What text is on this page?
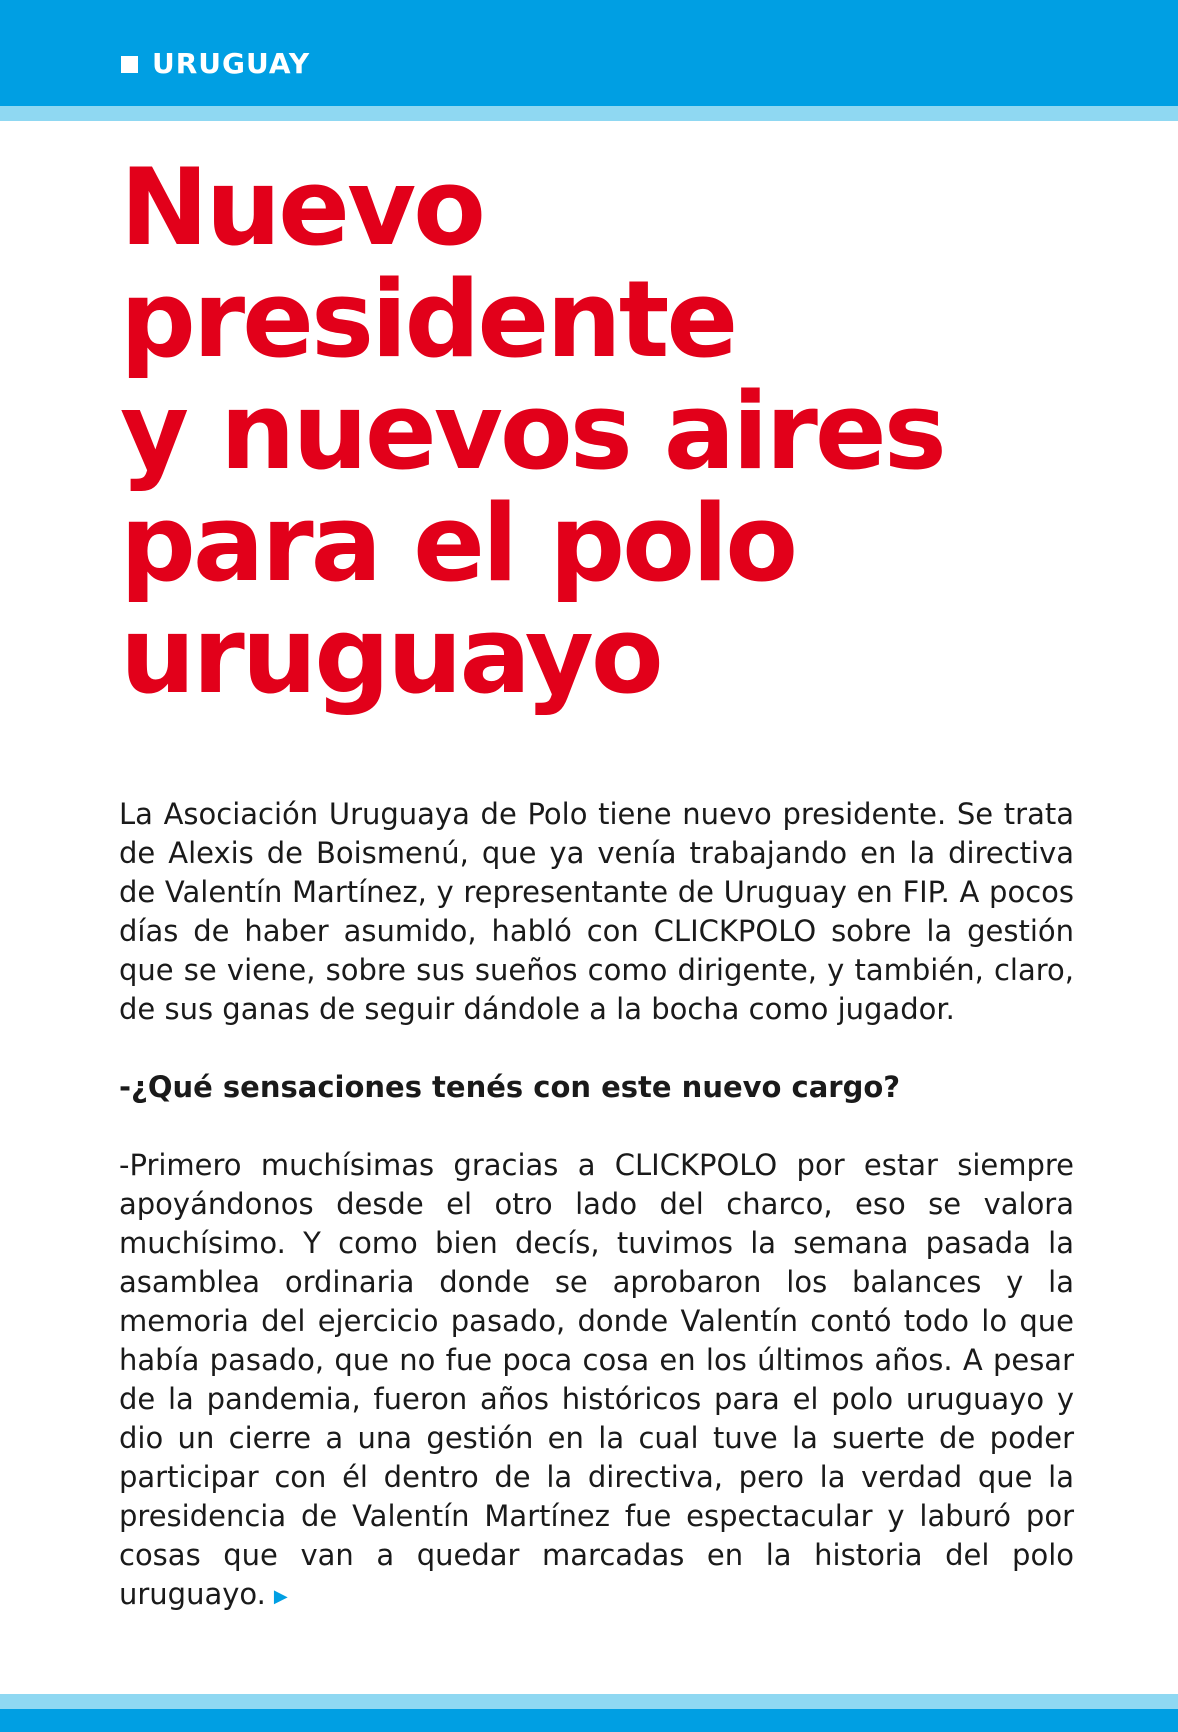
URUGUAY
Nuevo
presidente
y nuevos aires
para el polo
uruguayo

La Asociación Uruguaya de Polo tiene nuevo presidente. Se trata de Alexis de Boismenú, que ya venía trabajando en la directiva de Valentín Martínez, y representante de Uruguay en FIP. A pocos días de haber asumido, habló con CLICKPOLO sobre la gestión que se viene, sobre sus sueños como dirigente, y también, claro, de sus ganas de seguir dándole a la bocha como jugador.

-¿Qué sensaciones tenés con este nuevo cargo?

-Primero muchísimas gracias a CLICKPOLO por estar siempre apoyándonos desde el otro lado del charco, eso se valora muchísimo. Y como bien decís, tuvimos la semana pasada la asamblea ordinaria donde se aprobaron los balances y la memoria del ejercicio pasado, donde Valentín contó todo lo que había pasado, que no fue poca cosa en los últimos años. A pesar de la pandemia, fueron años históricos para el polo uruguayo y dio un cierre a una gestión en la cual tuve la suerte de poder participar con él dentro de la directiva, pero la verdad que la presidencia de Valentín Martínez fue espectacular y laburó por cosas que van a quedar marcadas en la historia del polo uruguayo. ▶
